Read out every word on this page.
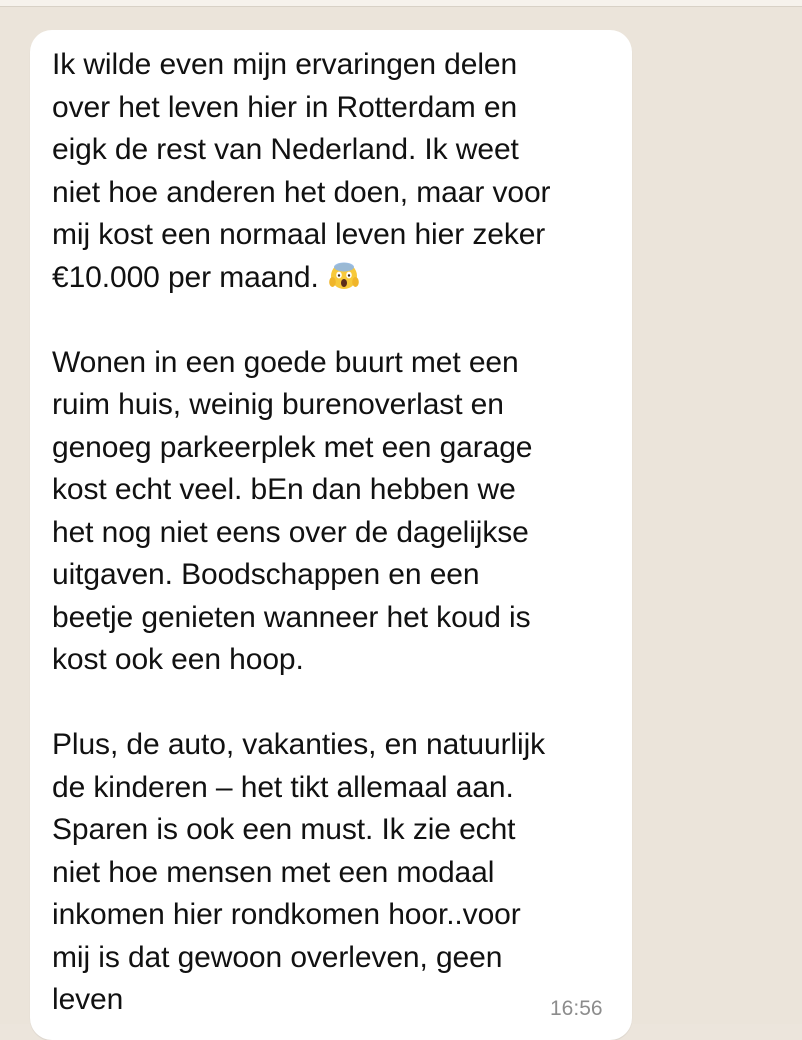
Ik wilde even mijn ervaringen delen
over het leven hier in Rotterdam en
eigk de rest van Nederland. Ik weet
niet hoe anderen het doen, maar voor
mij kost een normaal leven hier zeker
€10.000 per maand.

Wonen in een goede buurt met een
ruim huis, weinig burenoverlast en
genoeg parkeerplek met een garage
kost echt veel. bEn dan hebben we
het nog niet eens over de dagelijkse
uitgaven. Boodschappen en een
beetje genieten wanneer het koud is
kost ook een hoop.

Plus, de auto, vakanties, en natuurlijk
de kinderen – het tikt allemaal aan.
Sparen is ook een must. Ik zie echt
niet hoe mensen met een modaal
inkomen hier rondkomen hoor..voor
mij is dat gewoon overleven, geen
leven	16:56
